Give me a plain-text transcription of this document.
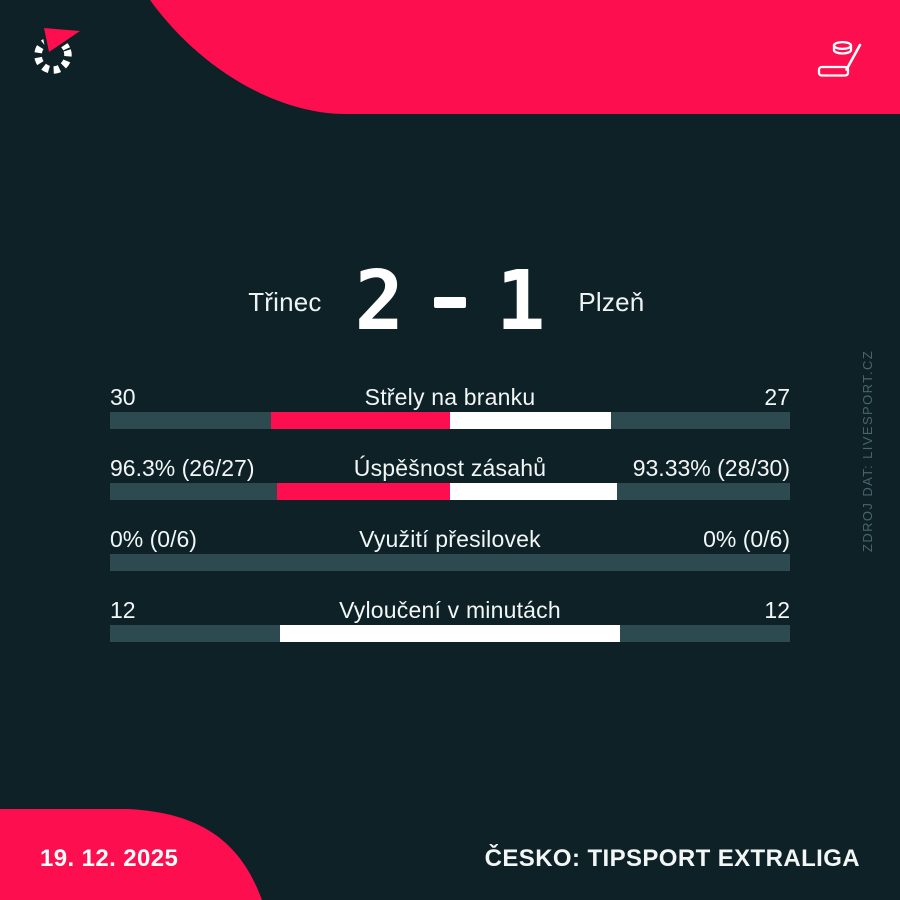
Třinec 2 1 Plzeň
30	Střely na branku	27
96.3% (26/27)	Úspěšnost zásahů	93.33% (28/30)
0% (0/6)	Využití přesilovek	0% (0/6)
12	Vyloučení v minutách	12
19. 12. 2025	ČESKO: TIPSPORT EXTRALIGA
ZDROJ DAT: LIVESPORT.CZ
